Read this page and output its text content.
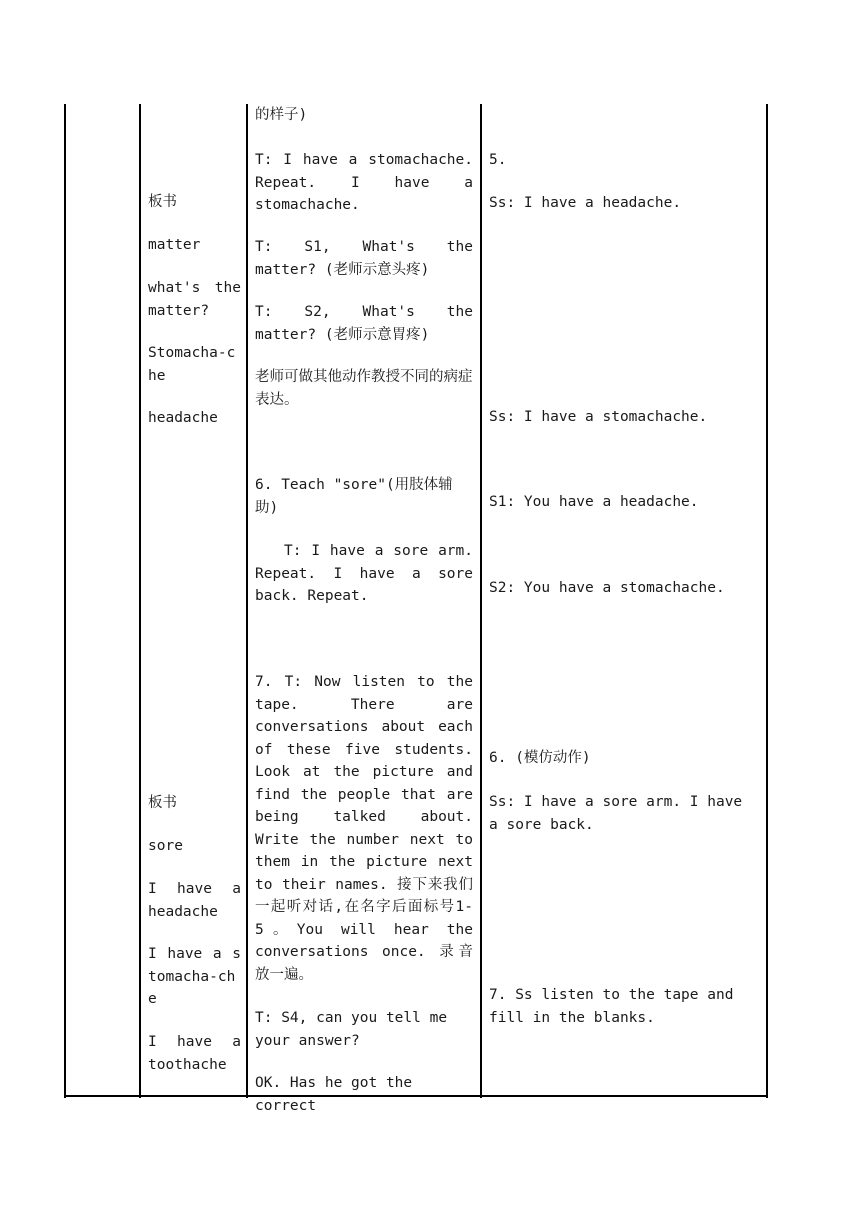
板书

matter

what's the matter?

Stomacha-che

headache

板书

sore

I have a headache

I have a stomacha-che

I have a toothache

的样子)

T: I have a stomachache. Repeat. I have a stomachache.

T: S1, What's the matter? (老师示意头疼)

T: S2, What's the matter? (老师示意胃疼)

老师可做其他动作教授不同的病症表达。

6. Teach "sore"(用肢体辅助)

T: I have a sore arm. Repeat. I have a sore back. Repeat.

7. T: Now listen to the tape. There are conversations about each of these five students. Look at the picture and find the people that are being talked about. Write the number next to them in the picture next to their names. 接下来我们一起听对话,在名字后面标号1-5。You will hear the conversations once. 录音放一遍。

T: S4, can you tell me your answer?

OK. Has he got the correct

5.

Ss: I have a headache.

Ss: I have a stomachache.

S1: You have a headache.

S2: You have a stomachache.

6. (模仿动作)

Ss: I have a sore arm. I have a sore back.

7. Ss listen to the tape and fill in the blanks.
